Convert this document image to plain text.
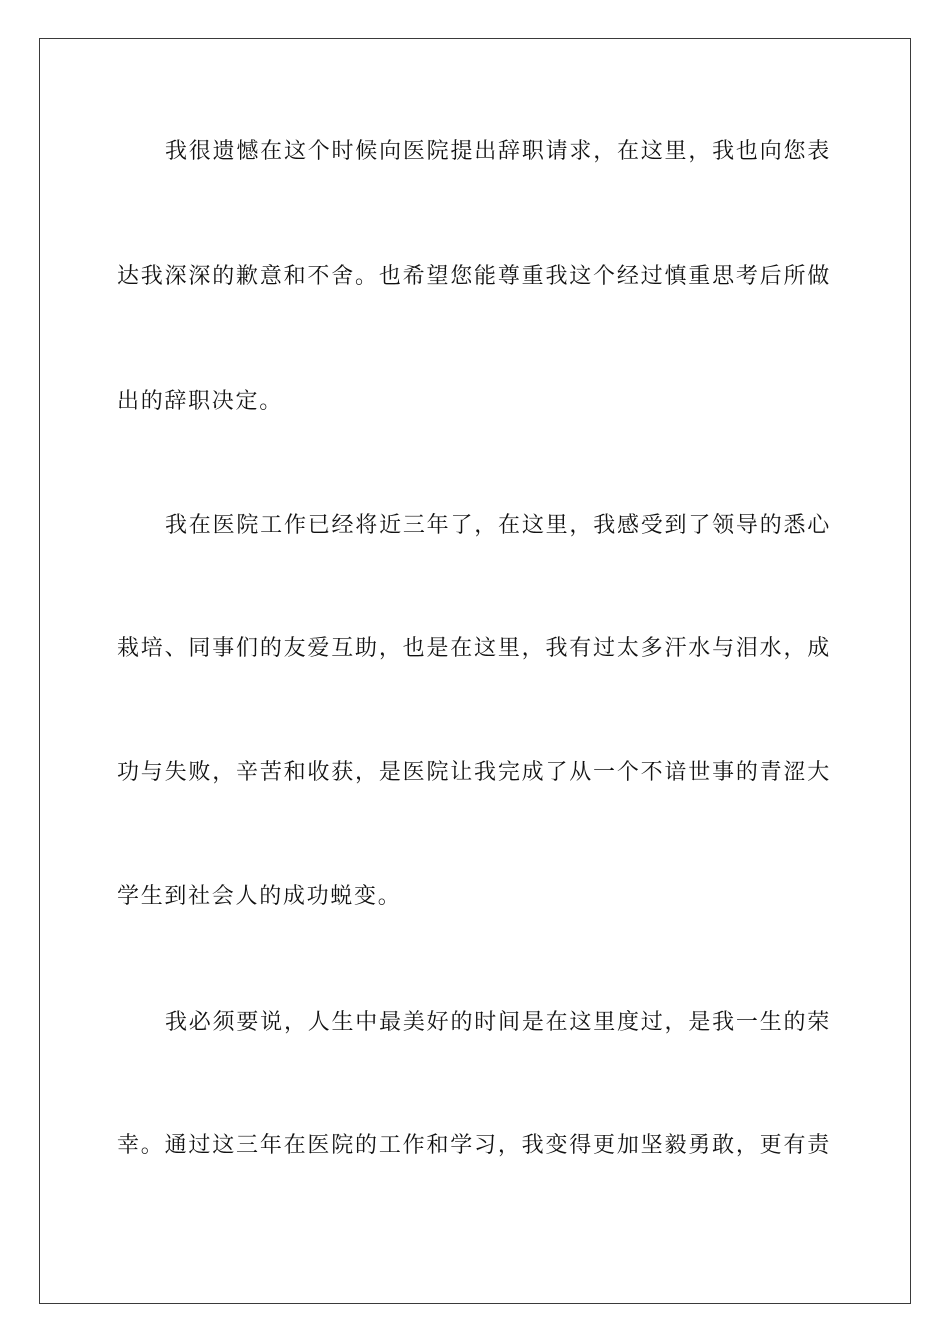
我很遗憾在这个时候向医院提出辞职请求，在这里，我也向您表
达我深深的歉意和不舍。也希望您能尊重我这个经过慎重思考后所做
出的辞职决定。
我在医院工作已经将近三年了，在这里，我感受到了领导的悉心
栽培、同事们的友爱互助，也是在这里，我有过太多汗水与泪水，成
功与失败，辛苦和收获，是医院让我完成了从一个不谙世事的青涩大
学生到社会人的成功蜕变。
我必须要说，人生中最美好的时间是在这里度过，是我一生的荣
幸。通过这三年在医院的工作和学习，我变得更加坚毅勇敢，更有责
